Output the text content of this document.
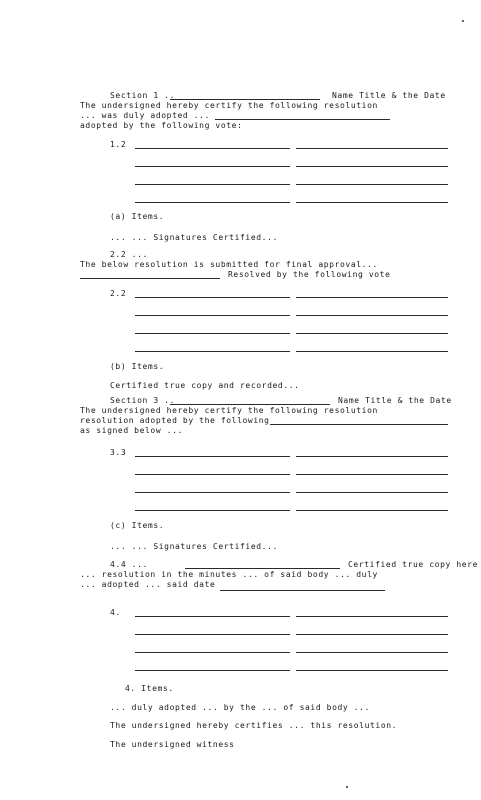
Section 1 ..	Name Title & the Date
The undersigned hereby certify the following resolution
... was duly adopted ...
adopted by the following vote:
1.2
(a) Items.
... ... Signatures Certified...
2.2 ...
The below resolution is submitted for final approval...
Resolved by the following vote
2.2
(b) Items.
Certified true copy and recorded...
Section 3 ..	Name Title & the Date
The undersigned hereby certify the following resolution
resolution adopted by the following
as signed below ...
3.3
(c) Items.
... ... Signatures Certified...
4.4 ...	Certified true copy here
... resolution in the minutes ... of said body ... duly
... adopted ... said date
4.
4. Items.
... duly adopted ... by the ... of said body ...
The undersigned hereby certifies ... this resolution.
The undersigned witness
